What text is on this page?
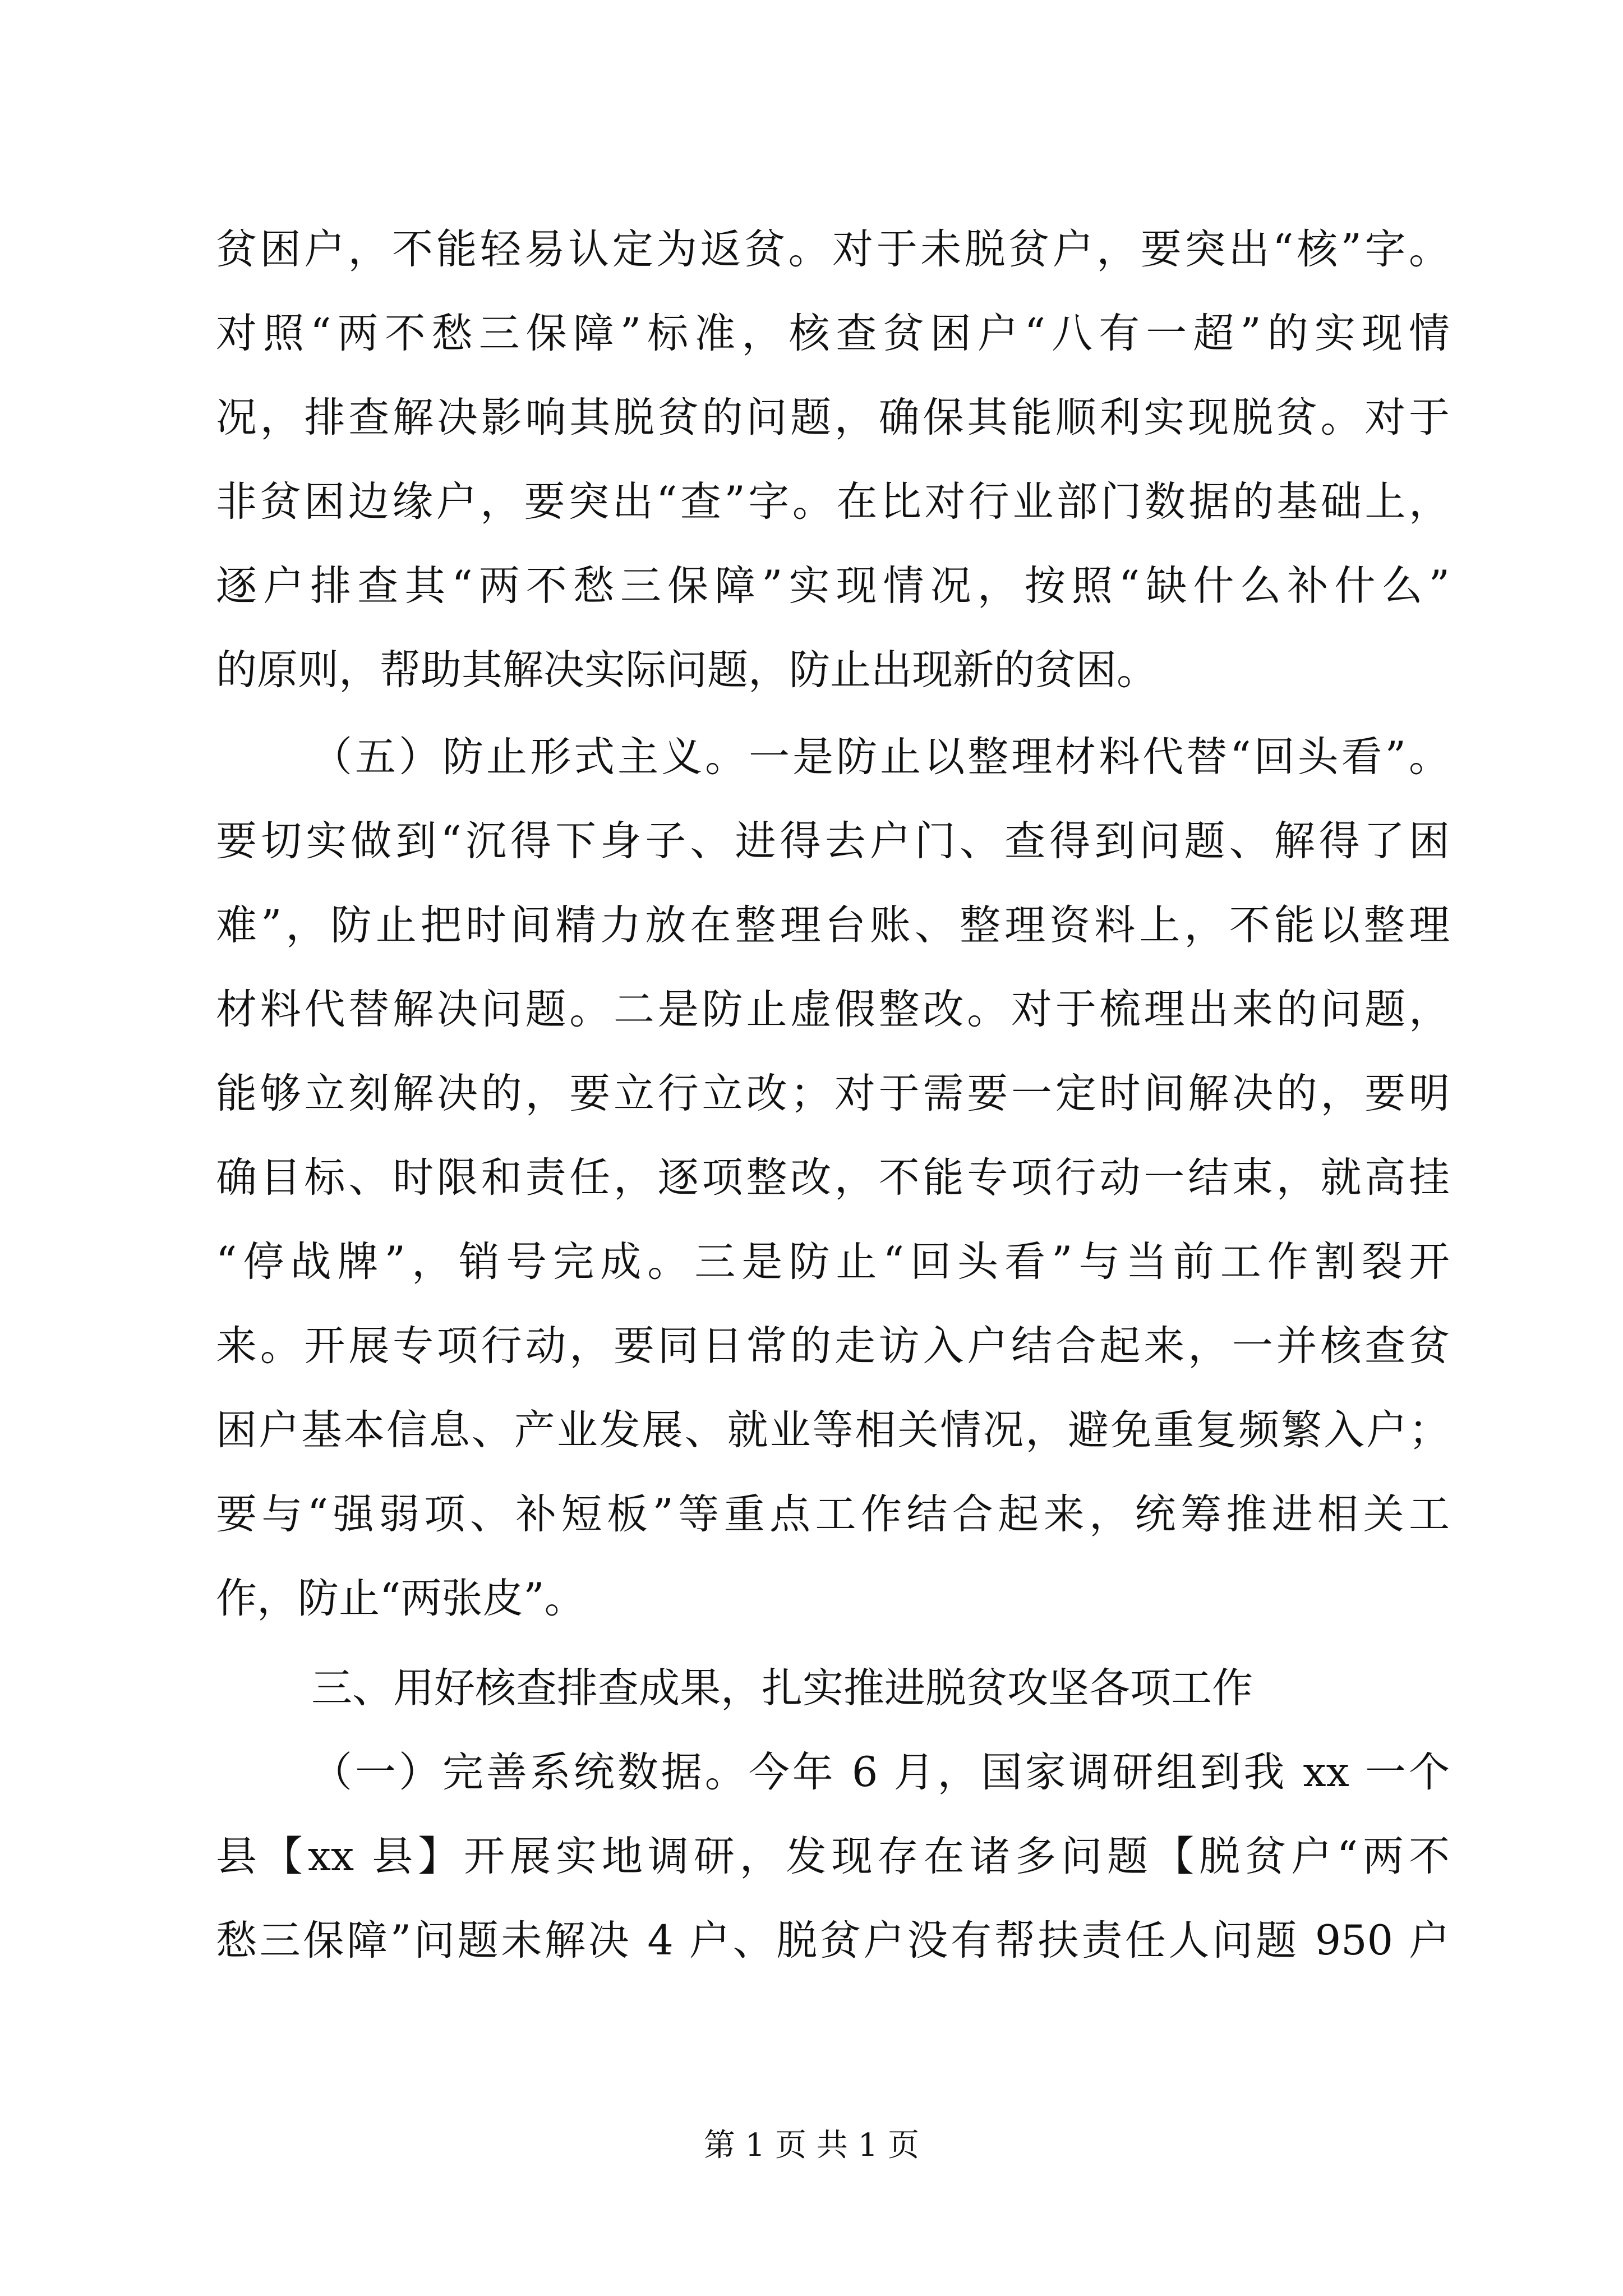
贫困户，不能轻易认定为返贫。对于未脱贫户，要突出“核”字。
对照“两不愁三保障”标准，核查贫困户“八有一超”的实现情
况，排查解决影响其脱贫的问题，确保其能顺利实现脱贫。对于
非贫困边缘户，要突出“查”字。在比对行业部门数据的基础上，
逐户排查其“两不愁三保障”实现情况，按照“缺什么补什么”
的原则，帮助其解决实际问题，防止出现新的贫困。
（五）防止形式主义。一是防止以整理材料代替“回头看”。
要切实做到“沉得下身子、进得去户门、查得到问题、解得了困
难”，防止把时间精力放在整理台账、整理资料上，不能以整理
材料代替解决问题。二是防止虚假整改。对于梳理出来的问题，
能够立刻解决的，要立行立改；对于需要一定时间解决的，要明
确目标、时限和责任，逐项整改，不能专项行动一结束，就高挂
“停战牌”，销号完成。三是防止“回头看”与当前工作割裂开
来。开展专项行动，要同日常的走访入户结合起来，一并核查贫
困户基本信息、产业发展、就业等相关情况，避免重复频繁入户；
要与“强弱项、补短板”等重点工作结合起来，统筹推进相关工
作，防止“两张皮”。
三、用好核查排查成果，扎实推进脱贫攻坚各项工作
（一）完善系统数据。今年 6 月，国家调研组到我 xx 一个
县【xx 县】开展实地调研，发现存在诸多问题【脱贫户“两不
愁三保障”问题未解决 4 户、脱贫户没有帮扶责任人问题 950 户
第 1 页 共 1 页
